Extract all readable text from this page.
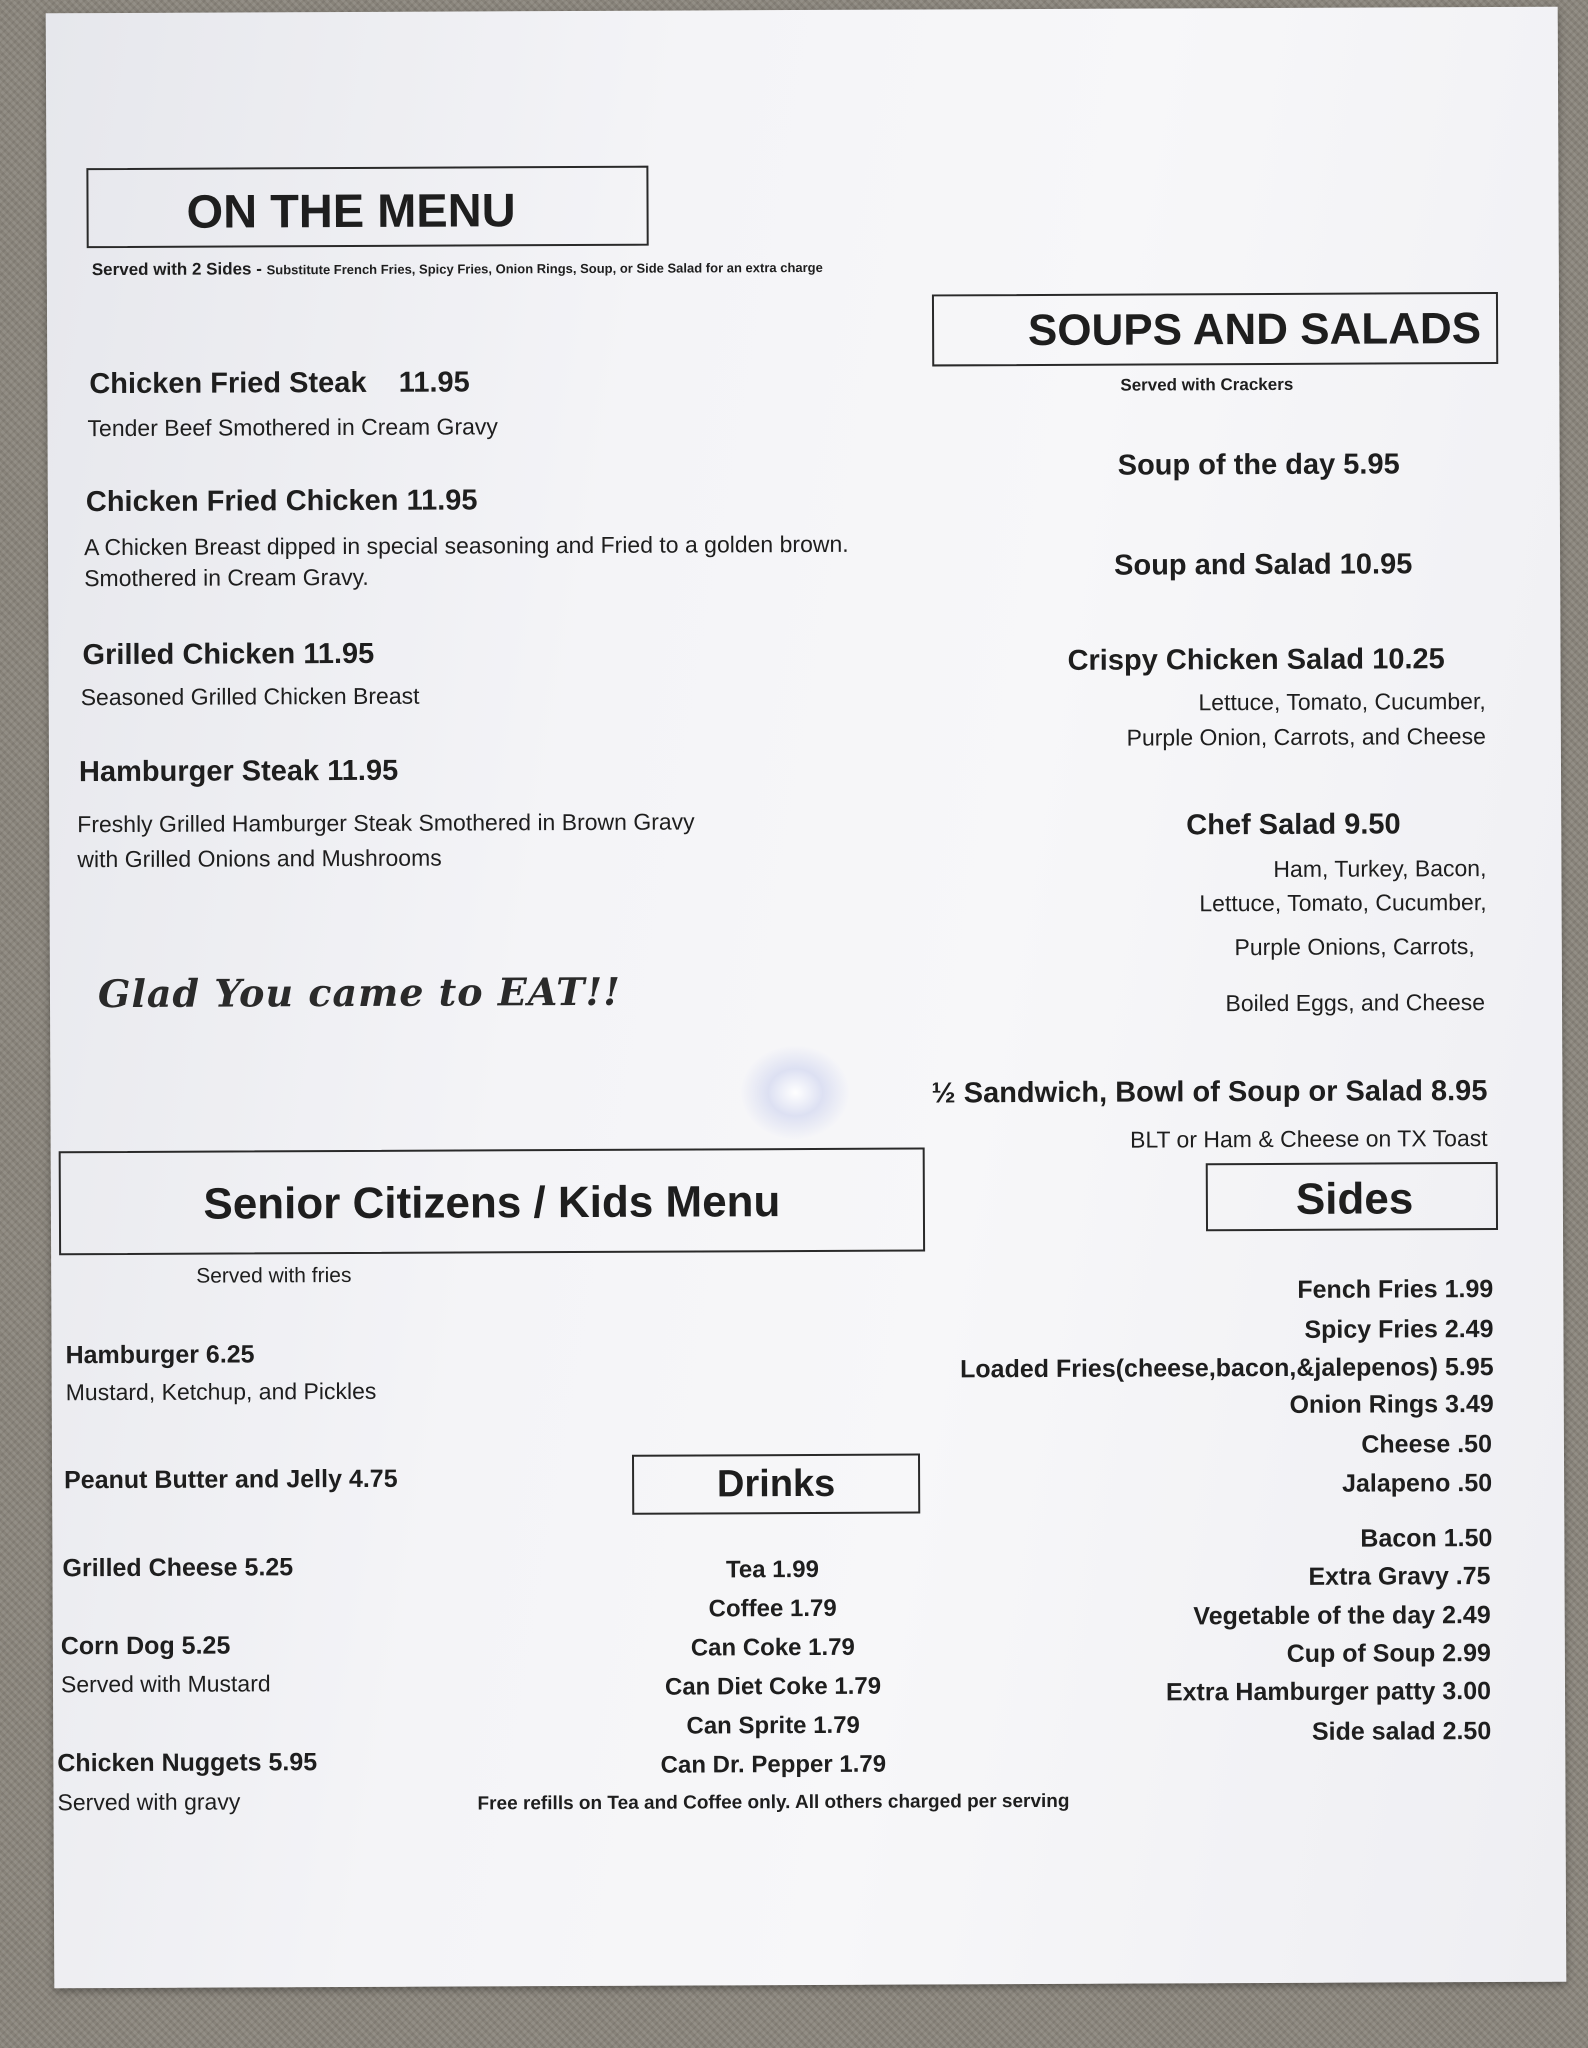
ON THE MENU
Served with 2 Sides - Substitute French Fries, Spicy Fries, Onion Rings, Soup, or Side Salad for an extra charge
Chicken Fried Steak 11.95
Tender Beef Smothered in Cream Gravy
Chicken Fried Chicken 11.95
A Chicken Breast dipped in special seasoning and Fried to a golden brown.
Smothered in Cream Gravy.
Grilled Chicken 11.95
Seasoned Grilled Chicken Breast
Hamburger Steak 11.95
Freshly Grilled Hamburger Steak Smothered in Brown Gravy
with Grilled Onions and Mushrooms
Glad You came to EAT!!
SOUPS AND SALADS
Served with Crackers
Soup of the day 5.95
Soup and Salad 10.95
Crispy Chicken Salad 10.25
Lettuce, Tomato, Cucumber,
Purple Onion, Carrots, and Cheese
Chef Salad 9.50
Ham, Turkey, Bacon,
Lettuce, Tomato, Cucumber,
Purple Onions, Carrots,
Boiled Eggs, and Cheese
½ Sandwich, Bowl of Soup or Salad 8.95
BLT or Ham & Cheese on TX Toast
Sides
Fench Fries 1.99
Spicy Fries 2.49
Loaded Fries(cheese,bacon,&jalepenos) 5.95
Onion Rings 3.49
Cheese .50
Jalapeno .50
Bacon 1.50
Extra Gravy .75
Vegetable of the day 2.49
Cup of Soup 2.99
Extra Hamburger patty 3.00
Side salad 2.50
Senior Citizens / Kids Menu
Served with fries
Hamburger 6.25
Mustard, Ketchup, and Pickles
Peanut Butter and Jelly 4.75
Grilled Cheese 5.25
Corn Dog 5.25
Served with Mustard
Chicken Nuggets 5.95
Served with gravy
Drinks
Tea 1.99
Coffee 1.79
Can Coke 1.79
Can Diet Coke 1.79
Can Sprite 1.79
Can Dr. Pepper 1.79
Free refills on Tea and Coffee only. All others charged per serving
